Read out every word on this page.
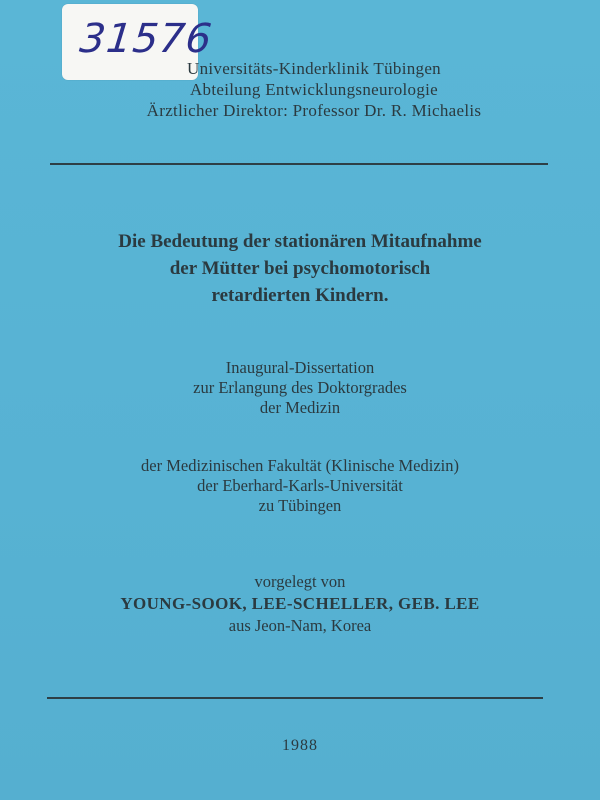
31576
Universitäts-Kinderklinik Tübingen
Abteilung Entwicklungsneurologie
Ärztlicher Direktor: Professor Dr. R. Michaelis
Die Bedeutung der stationären Mitaufnahme
der Mütter bei psychomotorisch
retardierten Kindern.
Inaugural-Dissertation
zur Erlangung des Doktorgrades
der Medizin
der Medizinischen Fakultät (Klinische Medizin)
der Eberhard-Karls-Universität
zu Tübingen
vorgelegt von
YOUNG-SOOK, LEE-SCHELLER, GEB. LEE
aus Jeon-Nam, Korea
1988
